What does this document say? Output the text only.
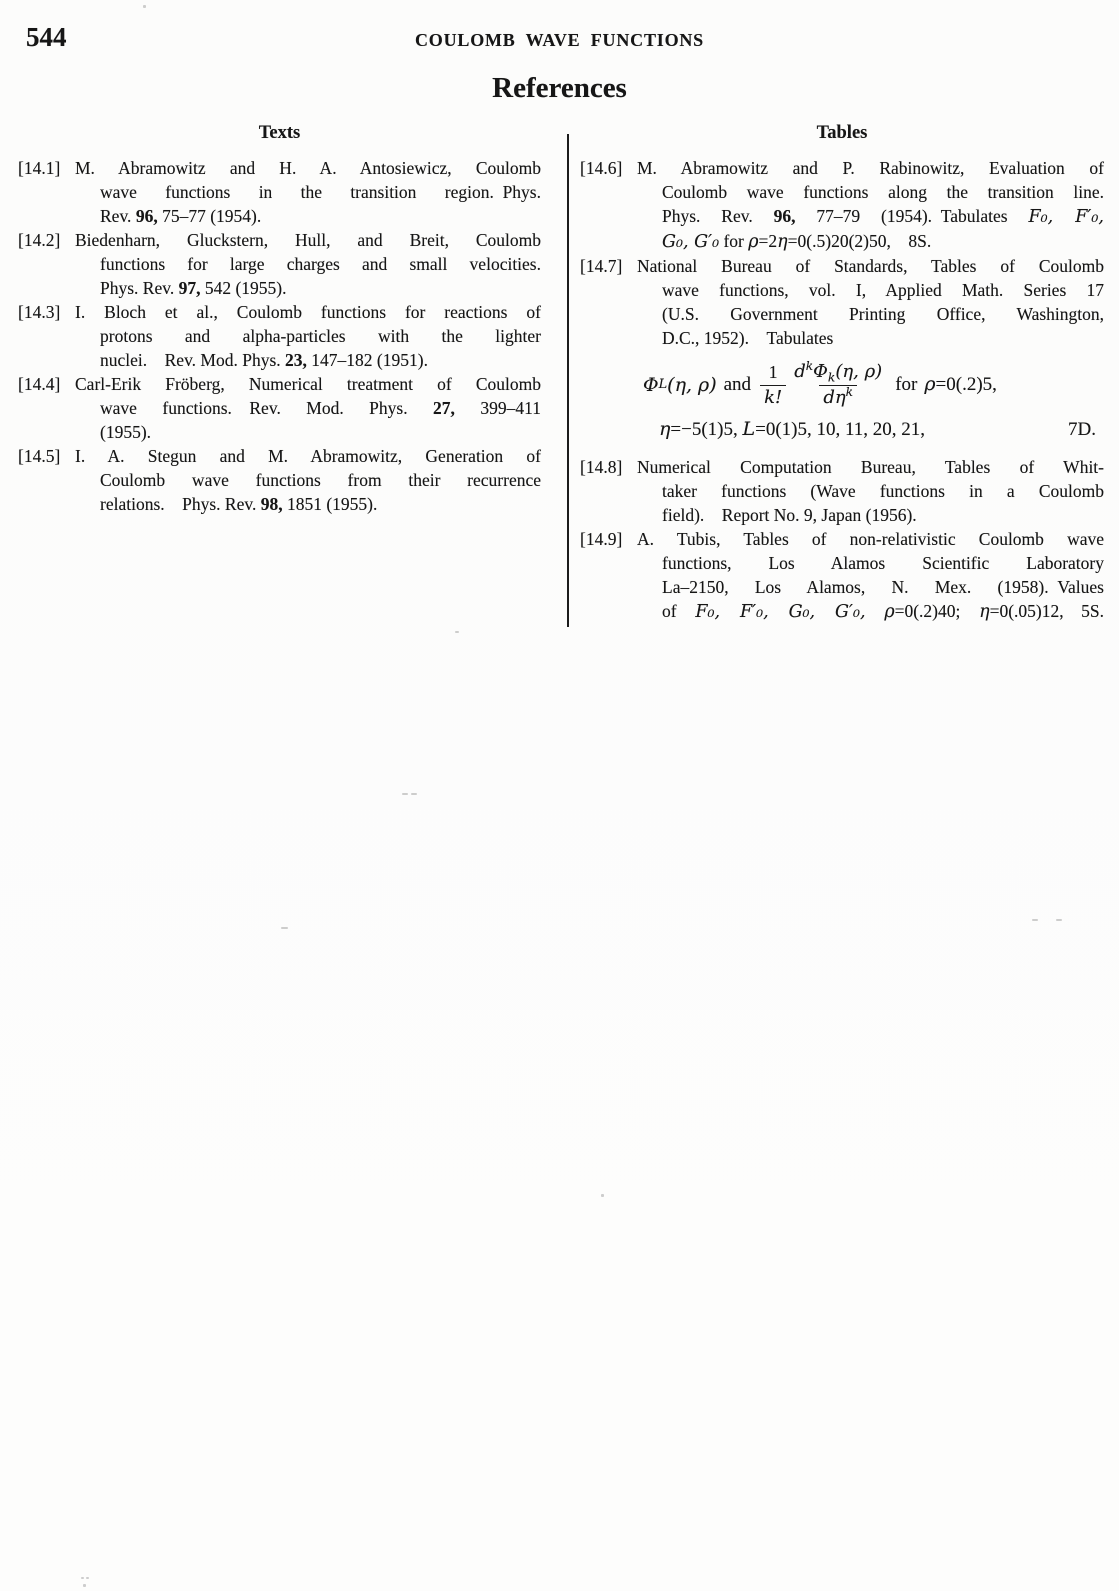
544	COULOMB WAVE FUNCTIONS
References
Texts
[14.1] M. Abramowitz and H. A. Antosiewicz, Coulomb
wave functions in the transition region. Phys.
Rev. 96, 75–77 (1954).
[14.2] Biedenharn, Gluckstern, Hull, and Breit, Coulomb
functions for large charges and small velocities.
Phys. Rev. 97, 542 (1955).
[14.3] I. Bloch et al., Coulomb functions for reactions of
protons and alpha-particles with the lighter
nuclei.  Rev. Mod. Phys. 23, 147–182 (1951).
[14.4] Carl-Erik Fröberg, Numerical treatment of Coulomb
wave functions.  Rev. Mod. Phys. 27, 399–411
(1955).
[14.5] I. A. Stegun and M. Abramowitz, Generation of
Coulomb wave functions from their recurrence
relations.  Phys. Rev. 98, 1851 (1955).
Tables
[14.6] M. Abramowitz and P. Rabinowitz, Evaluation of
Coulomb wave functions along the transition line.
Phys. Rev. 96, 77–79 (1954). Tabulates F₀, F′₀,
G₀, G′₀ for ρ=2η=0(.5)20(2)50,  8S.
[14.7] National Bureau of Standards, Tables of Coulomb
wave functions, vol. I, Applied Math. Series 17
(U.S. Government Printing Office, Washington,
D.C., 1952).  Tabulates
Φ L (η, ρ) and $\frac{1}{k!} \frac{d^k\Phi_k(\eta, \rho)}{d\eta^k}$ for ρ=0(.2)5,
η=−5(1)5, L=0(1)5, 10, 11, 20, 21,	7D.
[14.8] Numerical Computation Bureau, Tables of Whit-
taker functions (Wave functions in a Coulomb
field).  Report No. 9, Japan (1956).
[14.9] A. Tubis, Tables of non-relativistic Coulomb wave
functions, Los Alamos Scientific Laboratory
La–2150, Los Alamos, N. Mex. (1958). Values
of F₀, F′₀, G₀, G′₀, ρ=0(.2)40; η=0(.05)12,  5S.
